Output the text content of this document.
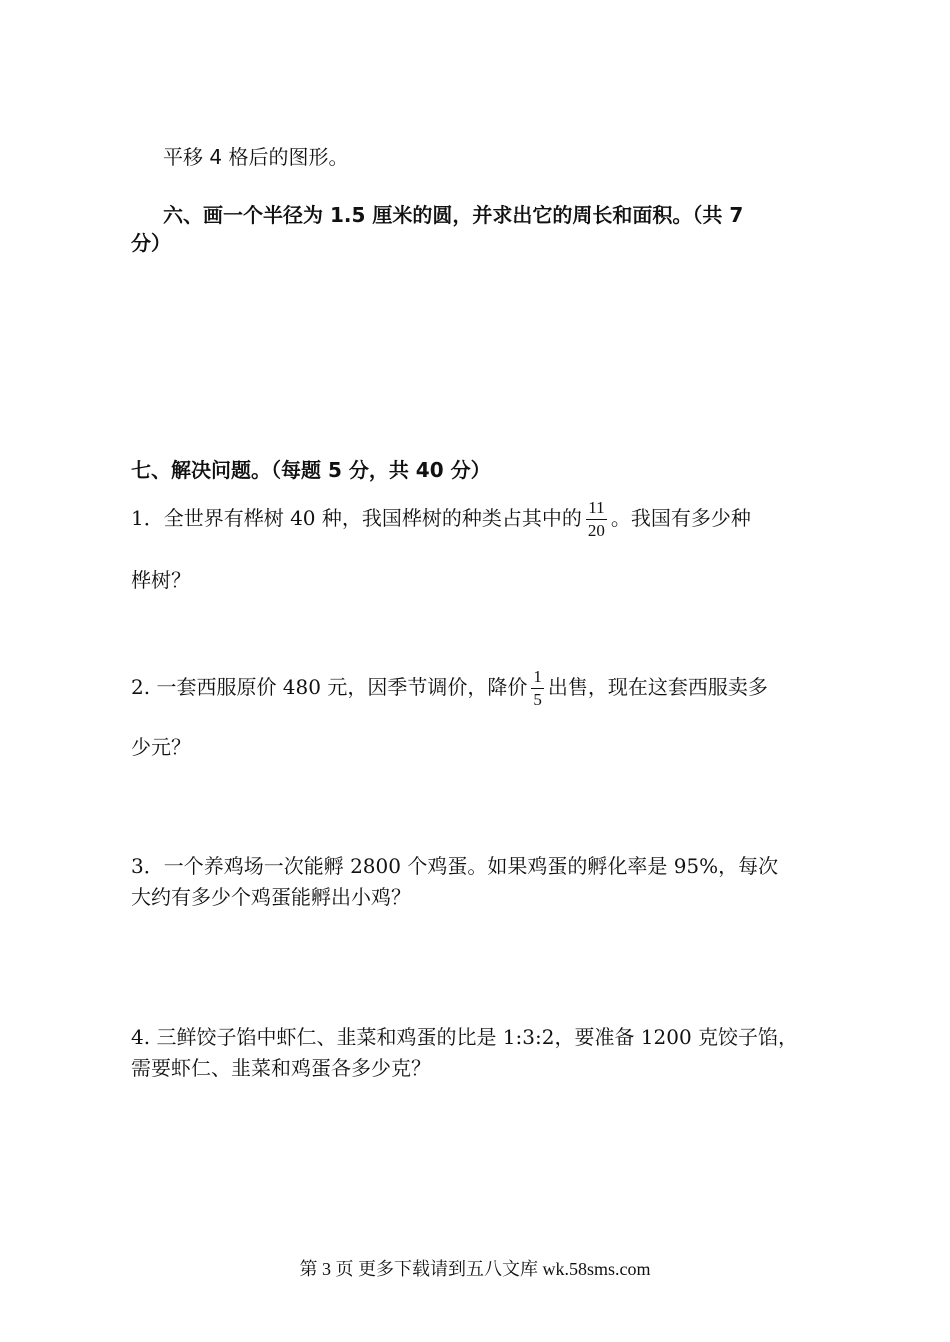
平移 4 格后的图形。
六、画一个半径为 1.5 厘米的圆，并求出它的周长和面积。（共 7
分）
七、解决问题。（每题 5 分，共 40 分）
1．全世界有桦树 40 种，我国桦树的种类占其中的 $\frac{11}{20}$ 。我国有多少种
桦树？
2. 一套西服原价 480 元，因季节调价，降价 $\frac{1}{5}$ 出售，现在这套西服卖多
少元？
3．一个养鸡场一次能孵 2800 个鸡蛋。如果鸡蛋的孵化率是 95%，每次
大约有多少个鸡蛋能孵出小鸡？
4. 三鲜饺子馅中虾仁、韭菜和鸡蛋的比是 1:3:2，要准备 1200 克饺子馅，
需要虾仁、韭菜和鸡蛋各多少克？
第 3 页 更多下载请到五八文库 wk.58sms.com
